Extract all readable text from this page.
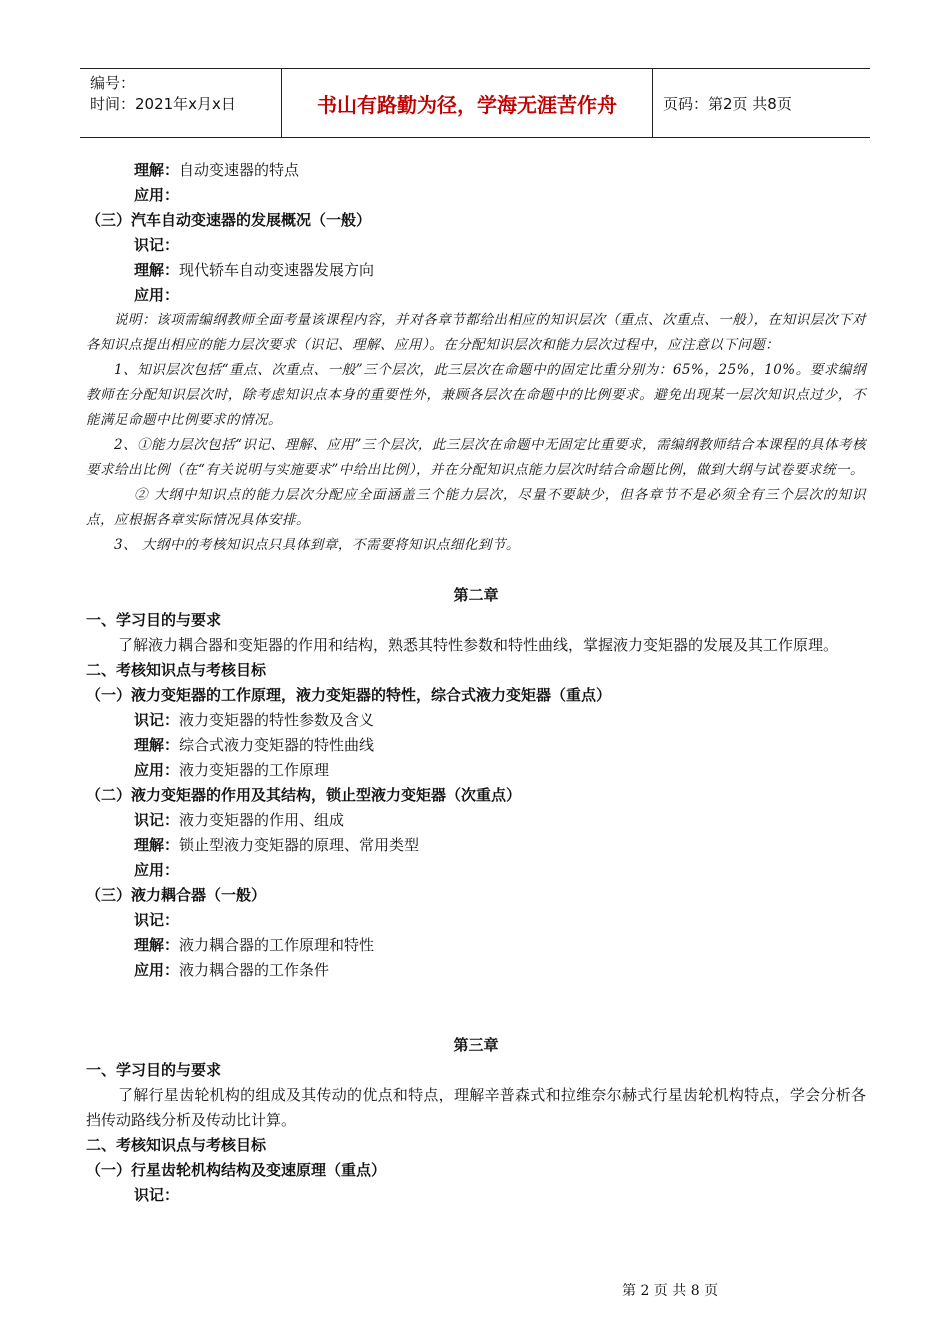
编号：
时间：2021年x月x日	书山有路勤为径，学海无涯苦作舟	页码：第2页 共8页
理解：自动变速器的特点
应用：
（三）汽车自动变速器的发展概况（一般）
识记：
理解：现代轿车自动变速器发展方向
应用：
说明：该项需编纲教师全面考量该课程内容，并对各章节都给出相应的知识层次（重点、次重点、一般），在知识层次下对各知识点提出相应的能力层次要求（识记、理解、应用）。在分配知识层次和能力层次过程中，应注意以下问题：
1、知识层次包括“重点、次重点、一般”三个层次，此三层次在命题中的固定比重分别为：65%，25%，10%。要求编纲教师在分配知识层次时，除考虑知识点本身的重要性外，兼顾各层次在命题中的比例要求。避免出现某一层次知识点过少，不能满足命题中比例要求的情况。
2、①能力层次包括“识记、理解、应用”三个层次，此三层次在命题中无固定比重要求，需编纲教师结合本课程的具体考核要求给出比例（在“有关说明与实施要求”中给出比例），并在分配知识点能力层次时结合命题比例，做到大纲与试卷要求统一。
② 大纲中知识点的能力层次分配应全面涵盖三个能力层次，尽量不要缺少，但各章节不是必须全有三个层次的知识点，应根据各章实际情况具体安排。
3、 大纲中的考核知识点只具体到章，不需要将知识点细化到节。
第二章
一、学习目的与要求
了解液力耦合器和变矩器的作用和结构，熟悉其特性参数和特性曲线，掌握液力变矩器的发展及其工作原理。
二、考核知识点与考核目标
（一）液力变矩器的工作原理，液力变矩器的特性，综合式液力变矩器（重点）
识记：液力变矩器的特性参数及含义
理解：综合式液力变矩器的特性曲线
应用：液力变矩器的工作原理
（二）液力变矩器的作用及其结构，锁止型液力变矩器（次重点）
识记：液力变矩器的作用、组成
理解：锁止型液力变矩器的原理、常用类型
应用：
（三）液力耦合器（一般）
识记：
理解：液力耦合器的工作原理和特性
应用：液力耦合器的工作条件
第三章
一、学习目的与要求
了解行星齿轮机构的组成及其传动的优点和特点，理解辛普森式和拉维奈尔赫式行星齿轮机构特点，学会分析各挡传动路线分析及传动比计算。
二、考核知识点与考核目标
（一）行星齿轮机构结构及变速原理（重点）
识记：
第 2 页 共 8 页
